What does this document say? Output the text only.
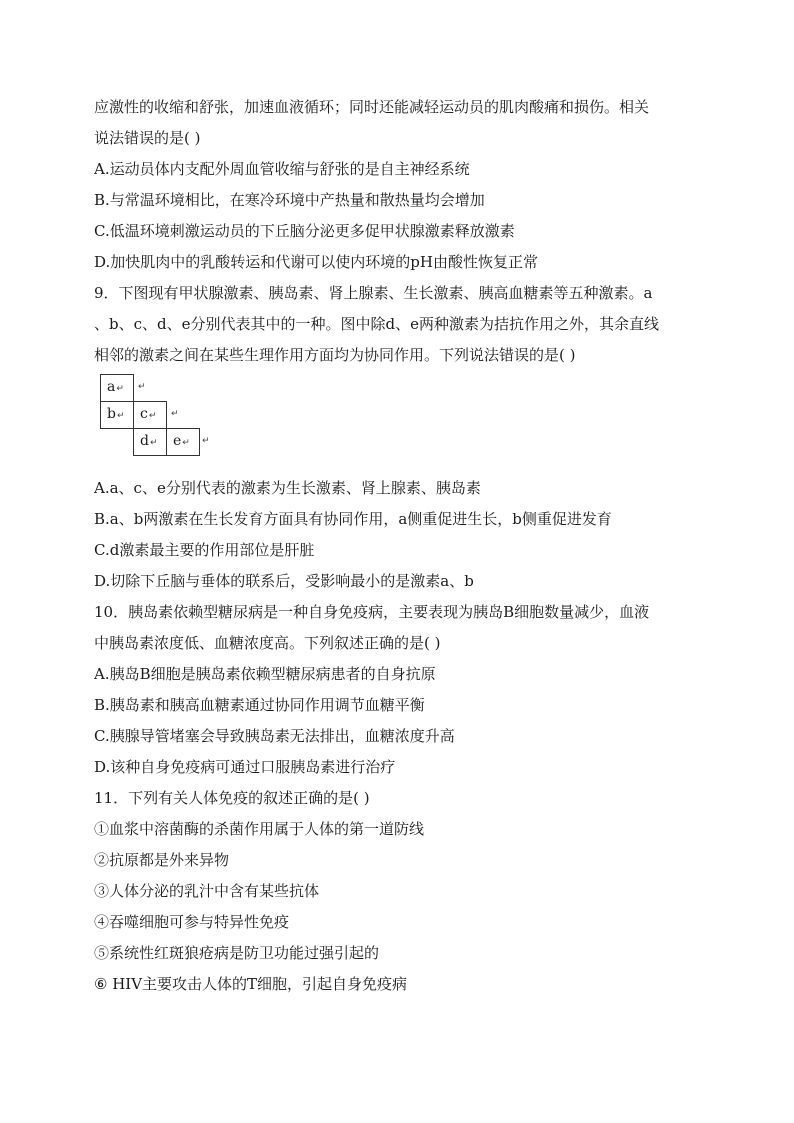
应激性的收缩和舒张，加速血液循环；同时还能减轻运动员的肌肉酸痛和损伤。相关
说法错误的是( )
A.运动员体内支配外周血管收缩与舒张的是自主神经系统
B.与常温环境相比，在寒冷环境中产热量和散热量均会增加
C.低温环境刺激运动员的下丘脑分泌更多促甲状腺激素释放激素
D.加快肌肉中的乳酸转运和代谢可以使内环境的pH由酸性恢复正常
9．下图现有甲状腺激素、胰岛素、肾上腺素、生长激素、胰高血糖素等五种激素。a
、b、c、d、e分别代表其中的一种。图中除d、e两种激素为拮抗作用之外，其余直线
相邻的激素之间在某些生理作用方面均为协同作用。下列说法错误的是( )
a↵	↵
b↵	c↵	↵
d↵	e↵	↵
A.a、c、e分别代表的激素为生长激素、肾上腺素、胰岛素
B.a、b两激素在生长发育方面具有协同作用，a侧重促进生长，b侧重促进发育
C.d激素最主要的作用部位是肝脏
D.切除下丘脑与垂体的联系后，受影响最小的是激素a、b
10．胰岛素依赖型糖尿病是一种自身免疫病，主要表现为胰岛B细胞数量减少，血液
中胰岛素浓度低、血糖浓度高。下列叙述正确的是( )
A.胰岛B细胞是胰岛素依赖型糖尿病患者的自身抗原
B.胰岛素和胰高血糖素通过协同作用调节血糖平衡
C.胰腺导管堵塞会导致胰岛素无法排出，血糖浓度升高
D.该种自身免疫病可通过口服胰岛素进行治疗
11．下列有关人体免疫的叙述正确的是( )
①血浆中溶菌酶的杀菌作用属于人体的第一道防线
②抗原都是外来异物
③人体分泌的乳汁中含有某些抗体
④吞噬细胞可参与特异性免疫
⑤系统性红斑狼疮病是防卫功能过强引起的
⑥ HIV主要攻击人体的T细胞，引起自身免疫病
